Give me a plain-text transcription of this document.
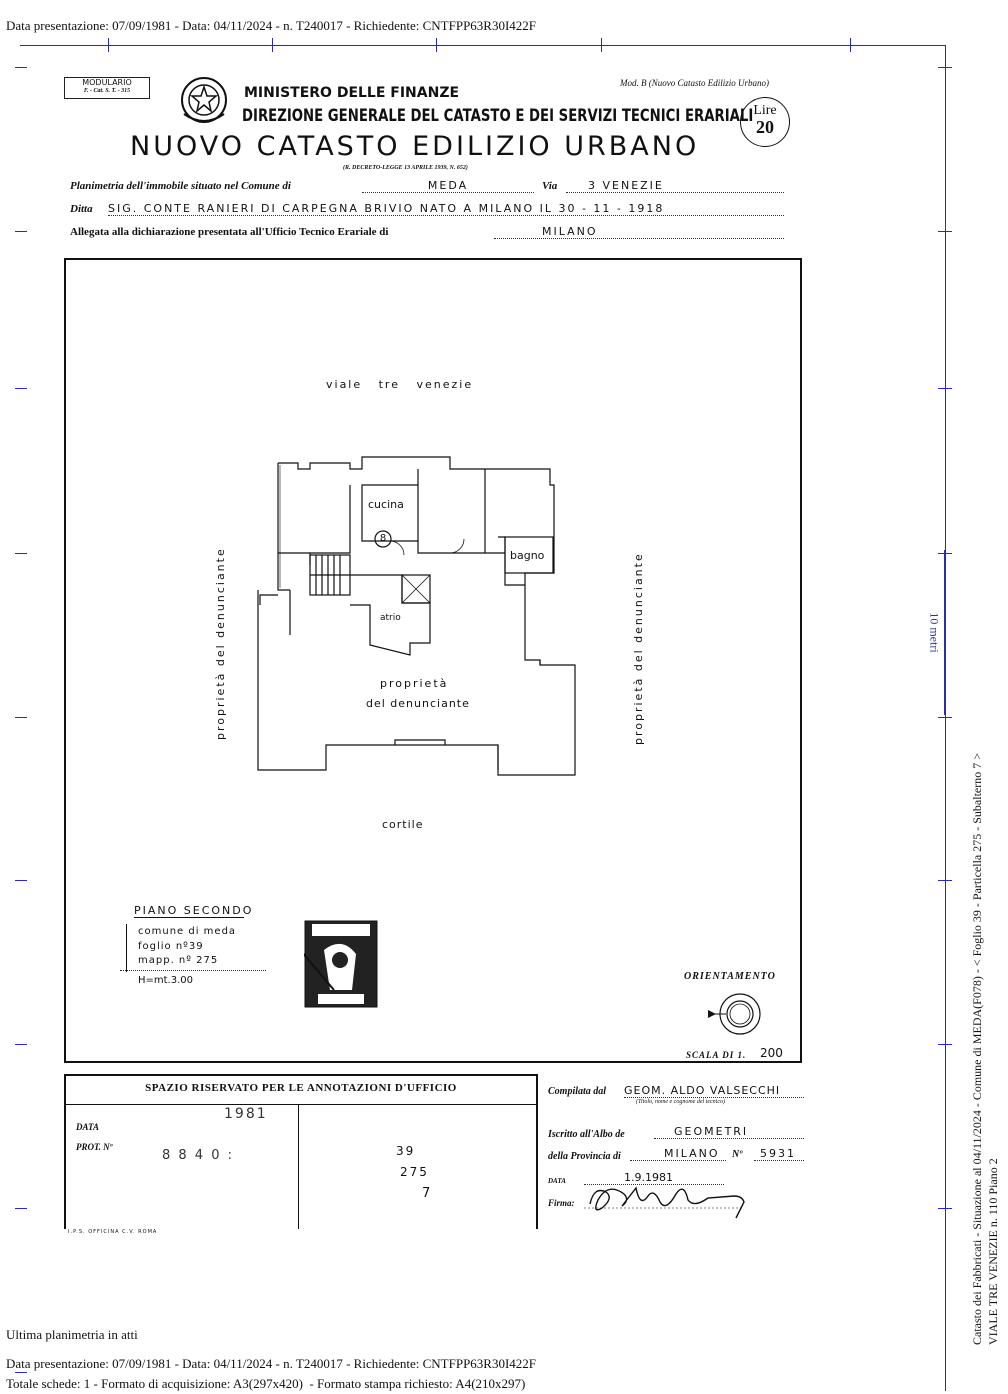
Data presentazione: 07/09/1981 - Data: 04/11/2024 - n. T240017 - Richiedente: CNTFPP63R30I422F
10 metri
Catasto dei Fabbricati - Situazione al 04/11/2024 - Comune di MEDA(F078) - < Foglio 39 - Particella 275 - Subalterno 7 > VIALE TRE VENEZIE n. 110 Piano 2
MODULARIO
F. - Cat. S. T. - 315	MINISTERO DELLE FINANZE
Mod. B (Nuovo Catasto Edilizio Urbano)
DIREZIONE GENERALE DEL CATASTO E DEI SERVIZI TECNICI ERARIALI Lire
20
NUOVO CATASTO EDILIZIO URBANO
(R. DECRETO-LEGGE 13 APRILE 1939, N. 652)
Planimetria dell'immobile situato nel Comune di	MEDA	Via	3 VENEZIE
Ditta SIG. CONTE RANIERI DI CARPEGNA BRIVIO NATO A MILANO IL 30 - 11 - 1918
Allegata alla dichiarazione presentata all'Ufficio Tecnico Erariale di	MILANO
viale   tre   venezie
8
cucina
bagno
atrio
proprietà
del denunciante
proprietà del denunciante	proprietà del denunciante
cortile
PIANO SECONDO
comune di meda
foglio nº39
mapp. nº 275
H=mt.3.00	ORIENTAMENTO
SCALA DI 1. 200
SPAZIO RISERVATO PER LE ANNOTAZIONI D'UFFICIO
DATA
PROT. Nº
1981
8 8 4 0 :	39
275
7
I.P.S. OFFICINA C.V. ROMA
Compilata dal GEOM. ALDO VALSECCHI
(Titolo, nome e cognome del tecnico)
Iscritto all'Albo de	GEOMETRI
della Provincia di	MILANO	Nº	5931
DATA	1.9.1981
Firma:
Ultima planimetria in atti
Data presentazione: 07/09/1981 - Data: 04/11/2024 - n. T240017 - Richiedente: CNTFPP63R30I422F
Totale schede: 1 - Formato di acquisizione: A3(297x420)  - Formato stampa richiesto: A4(210x297)
